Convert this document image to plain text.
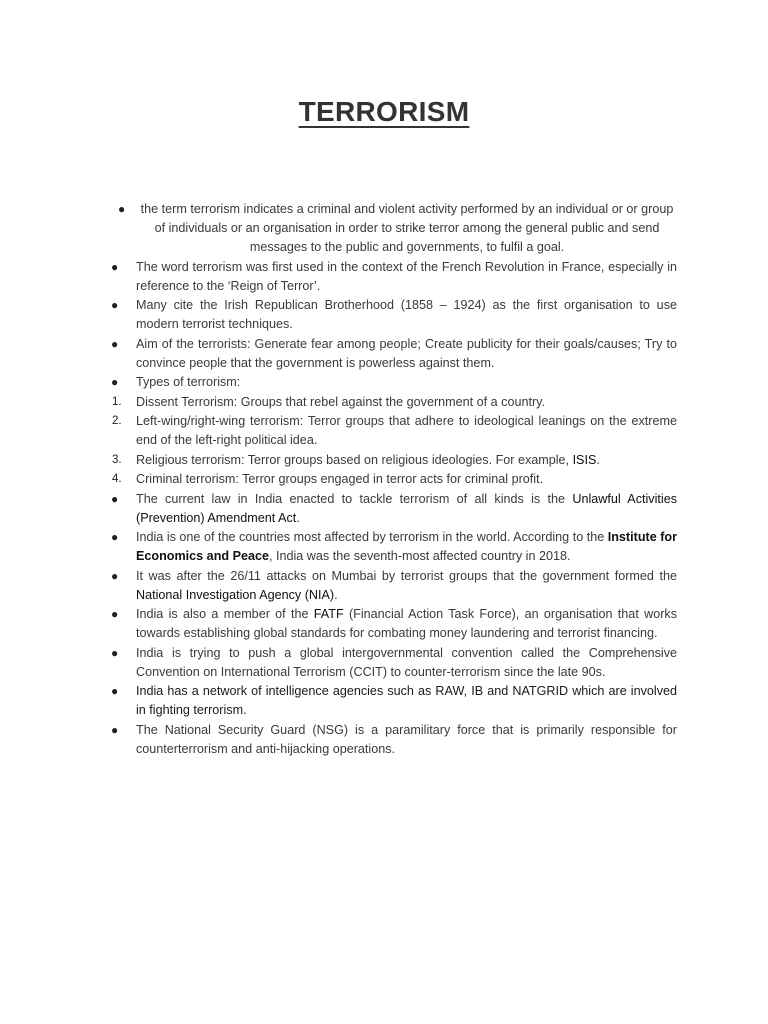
TERRORISM
● the term terrorism indicates a criminal and violent activity performed by an individual or or group of individuals or an organisation in order to strike terror among the general public and send messages to the public and governments, to fulfil a goal.
● The word terrorism was first used in the context of the French Revolution in France, especially in reference to the ‘Reign of Terror’.
● Many cite the Irish Republican Brotherhood (1858 – 1924) as the first organisation to use modern terrorist techniques.
● Aim of the terrorists: Generate fear among people; Create publicity for their goals/causes; Try to convince people that the government is powerless against them.
● Types of terrorism:
1. Dissent Terrorism: Groups that rebel against the government of a country.
2. Left-wing/right-wing terrorism: Terror groups that adhere to ideological leanings on the extreme end of the left-right political idea.
3. Religious terrorism: Terror groups based on religious ideologies. For example, ISIS.
4. Criminal terrorism: Terror groups engaged in terror acts for criminal profit.
● The current law in India enacted to tackle terrorism of all kinds is the Unlawful Activities (Prevention) Amendment Act.
● India is one of the countries most affected by terrorism in the world. According to the Institute for Economics and Peace, India was the seventh-most affected country in 2018.
● It was after the 26/11 attacks on Mumbai by terrorist groups that the government formed the National Investigation Agency (NIA).
● India is also a member of the FATF (Financial Action Task Force), an organisation that works towards establishing global standards for combating money laundering and terrorist financing.
● India is trying to push a global intergovernmental convention called the Comprehensive Convention on International Terrorism (CCIT) to counter-terrorism since the late 90s.
● India has a network of intelligence agencies such as RAW, IB and NATGRID which are involved in fighting terrorism.
● The National Security Guard (NSG) is a paramilitary force that is primarily responsible for counterterrorism and anti-hijacking operations.
